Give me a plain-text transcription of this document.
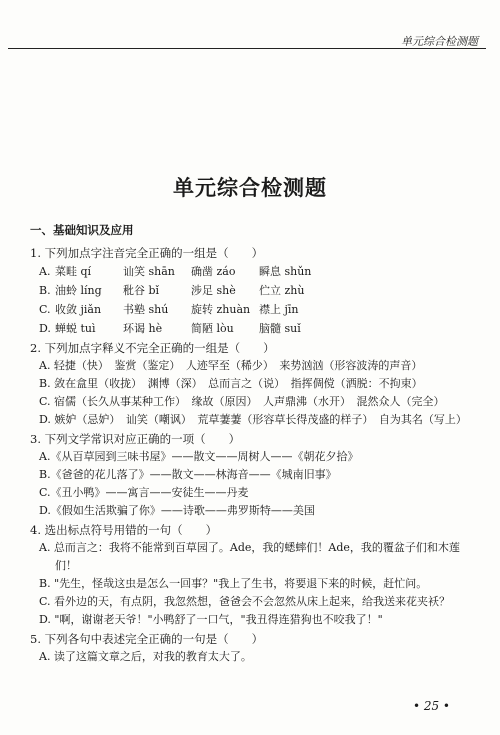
单元综合检测题
单元综合检测题
一、基础知识及应用
1. 下列加点字注音完全正确的一组是（　　）
A. 菜畦 qí	讪笑 shān	确凿 záo	瞬息 shǔn
B. 油蛉 líng	秕谷 bǐ	涉足 shè	伫立 zhù
C. 收敛 jiǎn	书塾 shú	旋转 zhuàn 襟上 jīn
D. 蝉蜕 tuì	环谒 hè	简陋 lòu	脑髓 suǐ
2. 下列加点字释义不完全正确的一组是（　　）
A. 轻捷（快）　鉴赏（鉴定）　人迹罕至（稀少）　来势汹汹（形容波涛的声音）
B. 敛在盒里（收拢）　渊博（深）　总而言之（说）　指挥倜傥（洒脱：不拘束）
C. 宿儒（长久从事某种工作）　缘故（原因）　人声鼎沸（水开）　混然众人（完全）
D. 嫉妒（忌妒）　讪笑（嘲讽）　荒草萋萋（形容草长得茂盛的样子）　自为其名（写上）
3. 下列文学常识对应正确的一项（　　）
A.《从百草园到三味书屋》——散文——周树人——《朝花夕拾》
B.《爸爸的花儿落了》——散文——林海音——《城南旧事》
C.《丑小鸭》——寓言——安徒生——丹麦
D.《假如生活欺骗了你》——诗歌——弗罗斯特——美国
4. 选出标点符号用错的一句（　　）
A. 总而言之：我将不能常到百草园了。Ade，我的蟋蟀们！Ade，我的覆盆子们和木莲们！
B. "先生，怪哉这虫是怎么一回事？"我上了生书，将要退下来的时候，赶忙问。
C. 看外边的天，有点阴，我忽然想，爸爸会不会忽然从床上起来，给我送来花夹袄？
D. "啊，谢谢老天爷！"小鸭舒了一口气，"我丑得连猎狗也不咬我了！"
5. 下列各句中表述完全正确的一句是（　　）
A. 读了这篇文章之后，对我的教育太大了。
• 25 •
